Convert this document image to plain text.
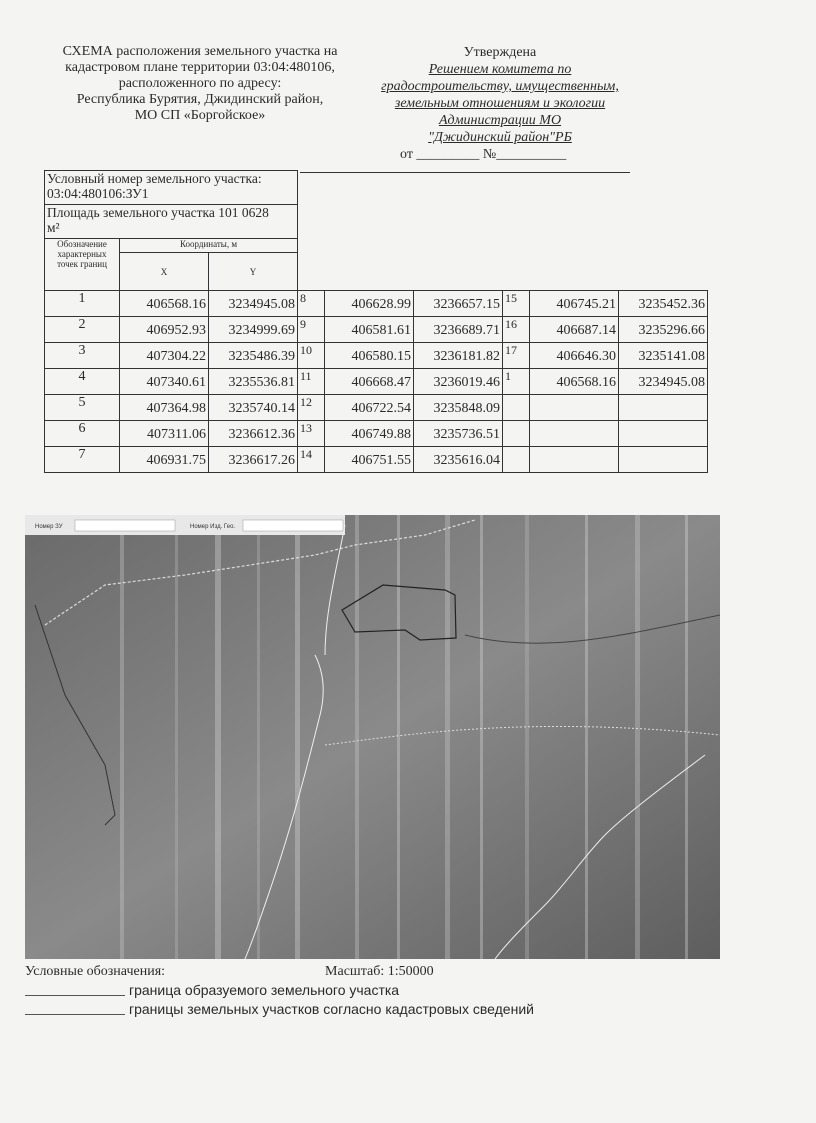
СХЕМА расположения земельного участка на
кадастровом плане территории 03:04:480106,
расположенного по адресу:
Республика Бурятия, Джидинский район,
МО СП «Боргойское»
Утверждена
Решением комитета по
градостроительству, имущественным,
земельным отношениям и экологии
Администрации МО
"Джидинский район"РБ
от _________ №__________
Условный номер земельного участка:
03:04:480106:ЗУ1								

Площадь земельного участка 101 0628
м²								

Обозначение характерных точек границ	Координаты, м							
	X	Y						
1	406568.16	3234945.08	8	406628.99	3236657.15	15	406745.21	3235452.36
2	406952.93	3234999.69	9	406581.61	3236689.71	16	406687.14	3235296.66
3	407304.22	3235486.39	10	406580.15	3236181.82	17	406646.30	3235141.08
4	407340.61	3235536.81	11	406668.47	3236019.46	1	406568.16	3234945.08
5	407364.98	3235740.14	12	406722.54	3235848.09			
6	407311.06	3236612.36	13	406749.88	3235736.51			
7	406931.75	3236617.26	14	406751.55	3235616.04			
Номер ЗУ	Номер Изд. Гео.
Условные обозначения:	Масштаб: 1:50000
граница образуемого земельного участка
границы земельных участков согласно кадастровых сведений
